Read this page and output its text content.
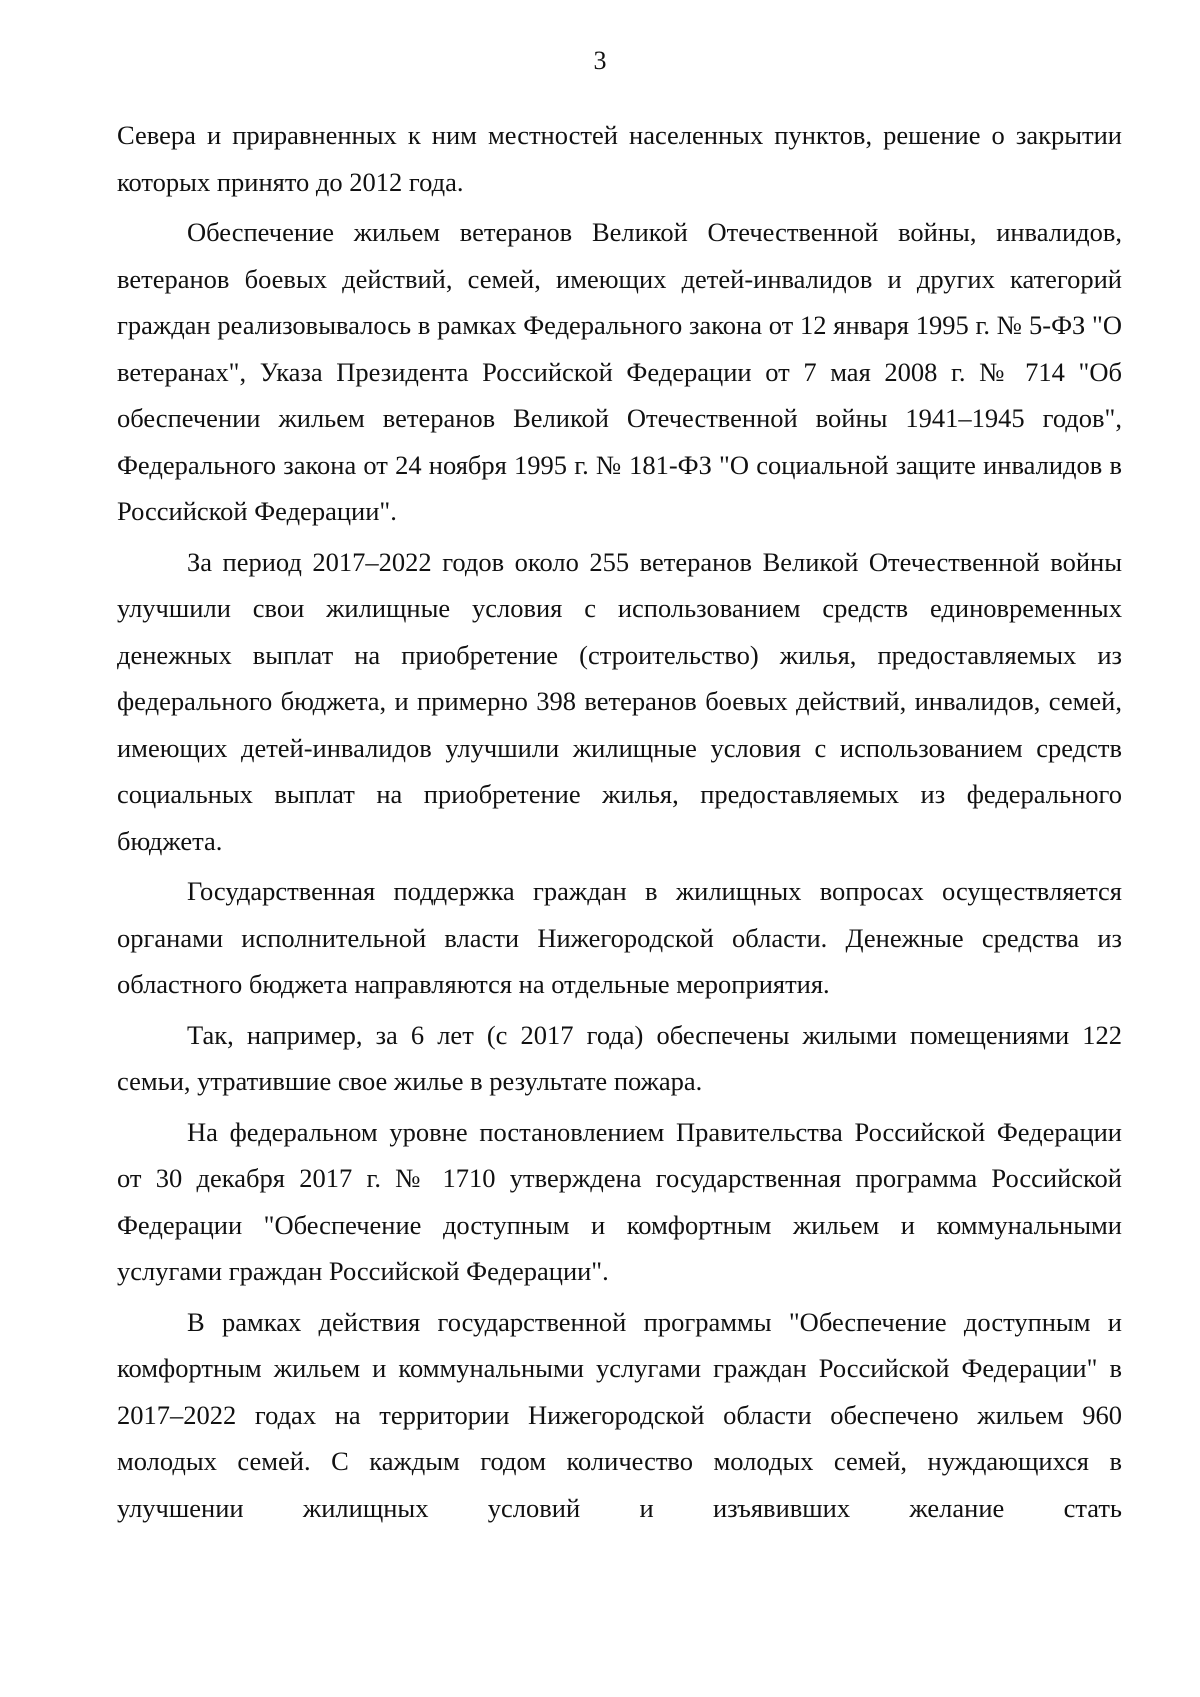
3

Севера и приравненных к ним местностей населенных пунктов, решение о закрытии которых принято до 2012 года.

Обеспечение жильем ветеранов Великой Отечественной войны, инвалидов, ветеранов боевых действий, семей, имеющих детей-инвалидов и других категорий граждан реализовывалось в рамках Федерального закона от 12 января 1995 г. № 5-ФЗ "О ветеранах", Указа Президента Российской Федерации от 7 мая 2008 г. № 714 "Об обеспечении жильем ветеранов Великой Отечественной войны 1941–1945 годов", Федерального закона от 24 ноября 1995 г. № 181-ФЗ "О социальной защите инвалидов в Российской Федерации".

За период 2017–2022 годов около 255 ветеранов Великой Отечественной войны улучшили свои жилищные условия с использованием средств единовременных денежных выплат на приобретение (строительство) жилья, предоставляемых из федерального бюджета, и примерно 398 ветеранов боевых действий, инвалидов, семей, имеющих детей-инвалидов улучшили жилищные условия с использованием средств социальных выплат на приобретение жилья, предоставляемых из федерального бюджета.

Государственная поддержка граждан в жилищных вопросах осуществляется органами исполнительной власти Нижегородской области. Денежные средства из областного бюджета направляются на отдельные мероприятия.

Так, например, за 6 лет (с 2017 года) обеспечены жилыми помещениями 122 семьи, утратившие свое жилье в результате пожара.

На федеральном уровне постановлением Правительства Российской Федерации от 30 декабря 2017 г. № 1710 утверждена государственная программа Российской Федерации "Обеспечение доступным и комфортным жильем и коммунальными услугами граждан Российской Федерации".

В рамках действия государственной программы "Обеспечение доступным и комфортным жильем и коммунальными услугами граждан Российской Федерации" в 2017–2022 годах на территории Нижегородской области обеспечено жильем 960 молодых семей. С каждым годом количество молодых семей, нуждающихся в улучшении жилищных условий и изъявивших желание стать
